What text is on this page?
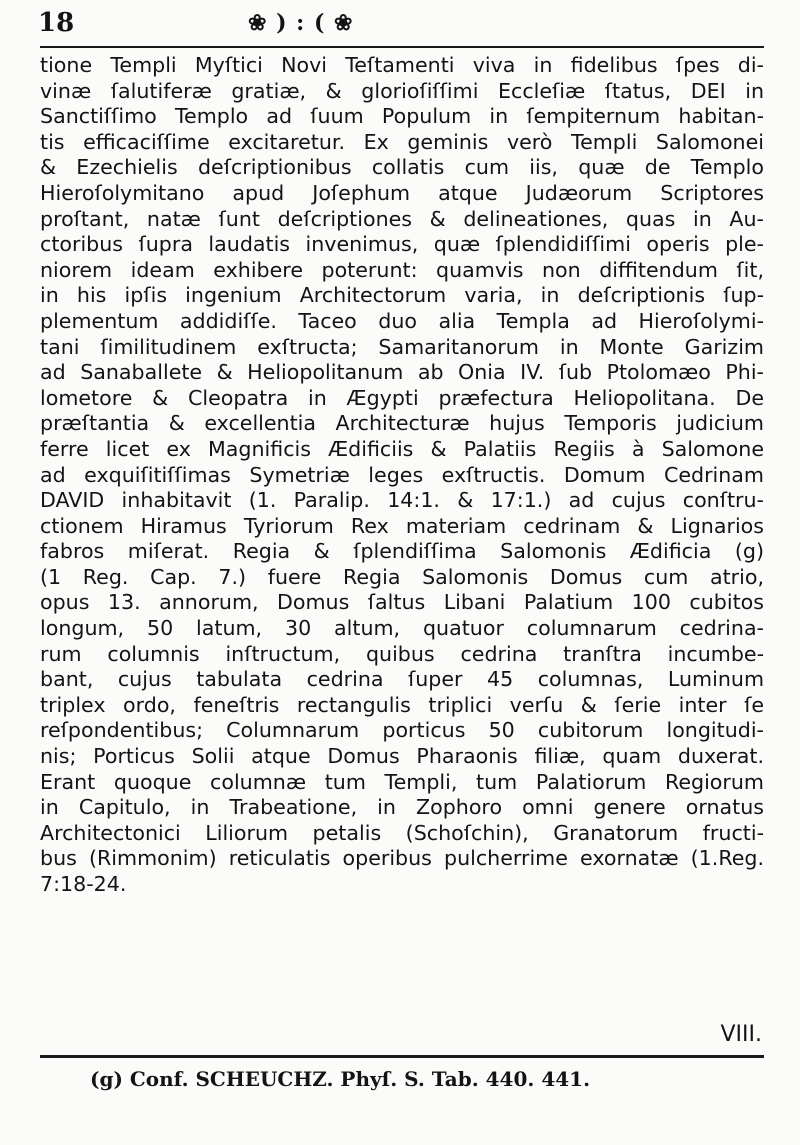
18	❀ ) : ( ❀
tione Templi Myſtici Novi Teſtamenti viva in fidelibus ſpes di-
vinæ ſalutiferæ gratiæ, & glorioſiſſimi Eccleſiæ ſtatus, DEI in
Sanctiſſimo Templo ad ſuum Populum in ſempiternum habitan-
tis efficaciſſime excitaretur. Ex geminis verò Templi Salomonei
& Ezechielis deſcriptionibus collatis cum iis, quæ de Templo
Hieroſolymitano apud Joſephum atque Judæorum Scriptores
proſtant, natæ ſunt deſcriptiones & delineationes, quas in Au-
ctoribus ſupra laudatis invenimus, quæ ſplendidiſſimi operis ple-
niorem ideam exhibere poterunt: quamvis non diffitendum ſit,
in his ipſis ingenium Architectorum varia, in deſcriptionis ſup-
plementum addidiſſe. Taceo duo alia Templa ad Hieroſolymi-
tani ſimilitudinem exſtructa; Samaritanorum in Monte Garizim
ad Sanaballete & Heliopolitanum ab Onia IV. ſub Ptolomæo Phi-
lometore & Cleopatra in Ægypti præfectura Heliopolitana. De
præſtantia & excellentia Architecturæ hujus Temporis judicium
ferre licet ex Magnificis Ædificiis & Palatiis Regiis à Salomone
ad exquiſitiſſimas Symetriæ leges exſtructis. Domum Cedrinam
DAVID inhabitavit (1. Paralip. 14:1. & 17:1.) ad cujus conſtru-
ctionem Hiramus Tyriorum Rex materiam cedrinam & Lignarios
fabros miſerat. Regia & ſplendiſſima Salomonis Ædificia (g)
(1 Reg. Cap. 7.) fuere Regia Salomonis Domus cum atrio,
opus 13. annorum, Domus ſaltus Libani Palatium 100 cubitos
longum, 50 latum, 30 altum, quatuor columnarum cedrina-
rum columnis inſtructum, quibus cedrina tranſtra incumbe-
bant, cujus tabulata cedrina ſuper 45 columnas, Luminum
triplex ordo, feneſtris rectangulis triplici verſu & ſerie inter ſe
reſpondentibus; Columnarum porticus 50 cubitorum longitudi-
nis; Porticus Solii atque Domus Pharaonis filiæ, quam duxerat.
Erant quoque columnæ tum Templi, tum Palatiorum Regiorum
in Capitulo, in Trabeatione, in Zophoro omni genere ornatus
Architectonici Liliorum petalis (Schoſchin), Granatorum fructi-
bus (Rimmonim) reticulatis operibus pulcherrime exornatæ (1.Reg.
7:18-24.
VIII.
(g) Conf. SCHEUCHZ. Phyſ. S. Tab. 440. 441.
